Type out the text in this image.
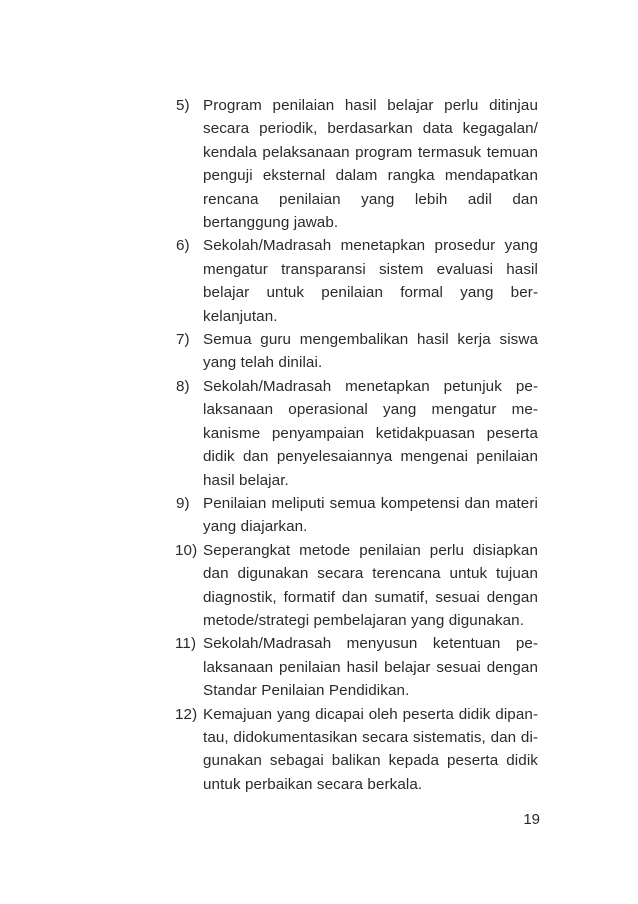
5) Program penilaian hasil belajar perlu ditinjau secara periodik, berdasarkan data kegagalan/ kendala pelaksanaan program termasuk temuan penguji eksternal dalam rangka mendapatkan rencana penilaian yang lebih adil dan bertanggung jawab.
6) Sekolah/Madrasah menetapkan prosedur yang mengatur transparansi sistem evaluasi hasil belajar untuk penilaian formal yang berkelanjutan.
7) Semua guru mengembalikan hasil kerja siswa yang telah dinilai.
8) Sekolah/Madrasah menetapkan petunjuk pelaksanaan operasional yang mengatur mekanisme penyampaian ketidakpuasan peserta didik dan penyelesaiannya mengenai penilaian hasil belajar.
9) Penilaian meliputi semua kompetensi dan materi yang diajarkan.
10) Seperangkat metode penilaian perlu disiapkan dan digunakan secara terencana untuk tujuan diagnostik, formatif dan sumatif, sesuai dengan metode/strategi pembelajaran yang digunakan.
11) Sekolah/Madrasah menyusun ketentuan pelaksanaan penilaian hasil belajar sesuai dengan Standar Penilaian Pendidikan.
12) Kemajuan yang dicapai oleh peserta didik dipantau, didokumentasikan secara sistematis, dan digunakan sebagai balikan kepada peserta didik untuk perbaikan secara berkala.
19
